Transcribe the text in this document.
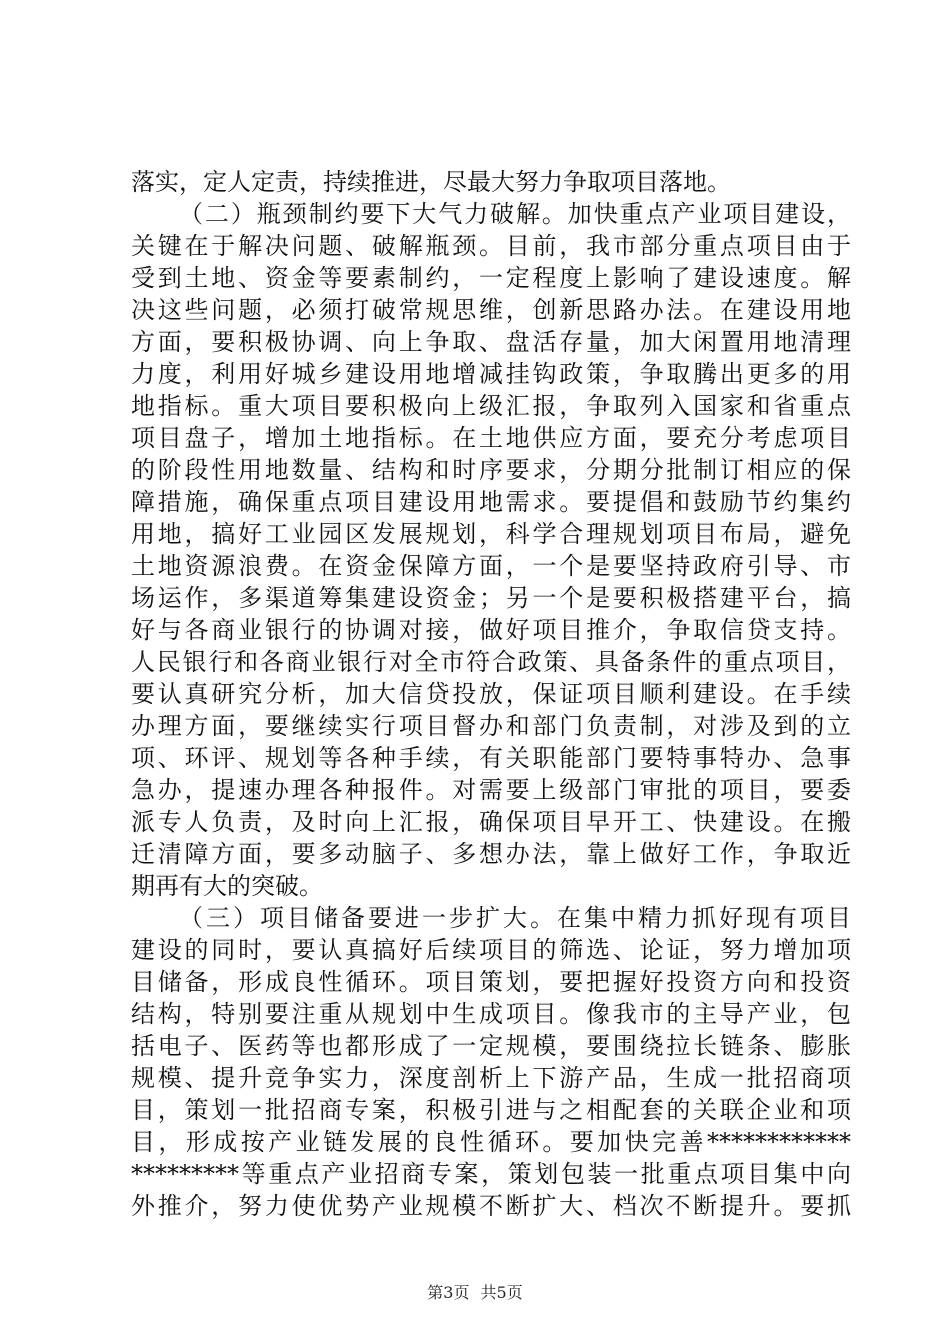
落实，定人定责，持续推进，尽最大努力争取项目落地。
（二）瓶颈制约要下大气力破解。加快重点产业项目建设，
关键在于解决问题、破解瓶颈。目前，我市部分重点项目由于
受到土地、资金等要素制约，一定程度上影响了建设速度。解
决这些问题，必须打破常规思维，创新思路办法。在建设用地
方面，要积极协调、向上争取、盘活存量，加大闲置用地清理
力度，利用好城乡建设用地增减挂钩政策，争取腾出更多的用
地指标。重大项目要积极向上级汇报，争取列入国家和省重点
项目盘子，增加土地指标。在土地供应方面，要充分考虑项目
的阶段性用地数量、结构和时序要求，分期分批制订相应的保
障措施，确保重点项目建设用地需求。要提倡和鼓励节约集约
用地，搞好工业园区发展规划，科学合理规划项目布局，避免
土地资源浪费。在资金保障方面，一个是要坚持政府引导、市
场运作，多渠道筹集建设资金；另一个是要积极搭建平台，搞
好与各商业银行的协调对接，做好项目推介，争取信贷支持。
人民银行和各商业银行对全市符合政策、具备条件的重点项目，
要认真研究分析，加大信贷投放，保证项目顺利建设。在手续
办理方面，要继续实行项目督办和部门负责制，对涉及到的立
项、环评、规划等各种手续，有关职能部门要特事特办、急事
急办，提速办理各种报件。对需要上级部门审批的项目，要委
派专人负责，及时向上汇报，确保项目早开工、快建设。在搬
迁清障方面，要多动脑子、多想办法，靠上做好工作，争取近
期再有大的突破。
（三）项目储备要进一步扩大。在集中精力抓好现有项目
建设的同时，要认真搞好后续项目的筛选、论证，努力增加项
目储备，形成良性循环。项目策划，要把握好投资方向和投资
结构，特别要注重从规划中生成项目。像我市的主导产业，包
括电子、医药等也都形成了一定规模，要围绕拉长链条、膨胀
规模、提升竞争实力，深度剖析上下游产品，生成一批招商项
目，策划一批招商专案，积极引进与之相配套的关联企业和项
目，形成按产业链发展的良性循环。要加快完善************
*********等重点产业招商专案，策划包装一批重点项目集中向
外推介，努力使优势产业规模不断扩大、档次不断提升。要抓
第3页 共5页
